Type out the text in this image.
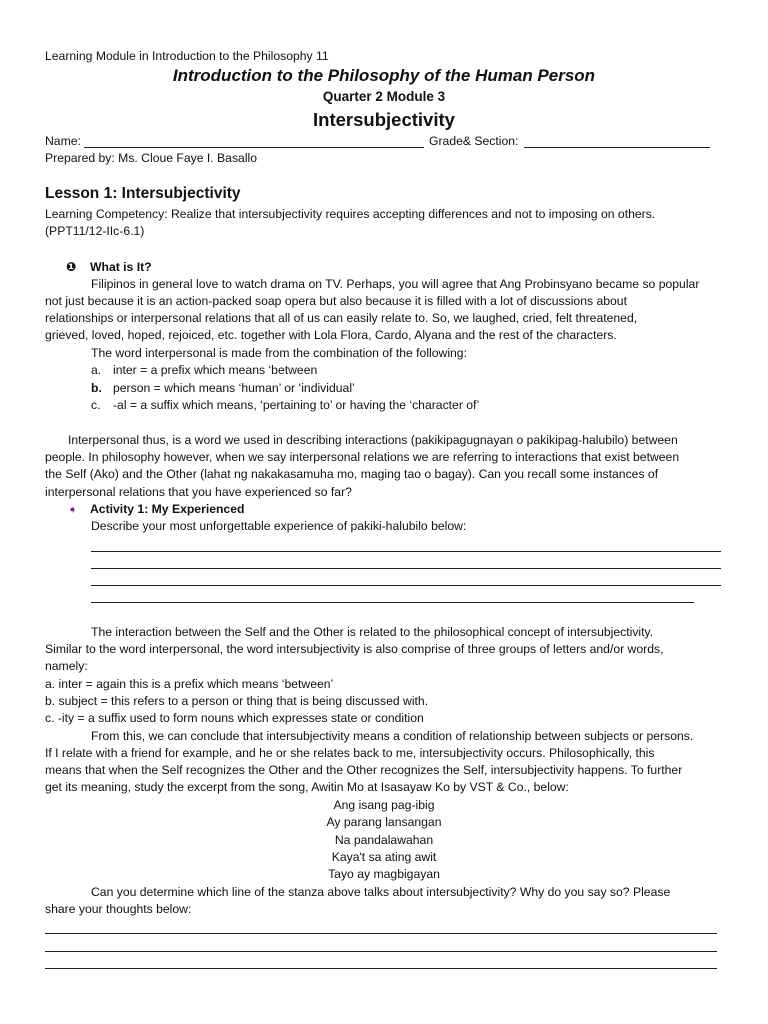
Learning Module in Introduction to the Philosophy 11
Introduction to the Philosophy of the Human Person
Quarter 2 Module 3
Intersubjectivity
Name:	Grade& Section:
Prepared by: Ms. Cloue Faye I. Basallo
Lesson 1: Intersubjectivity
Learning Competency: Realize that intersubjectivity requires accepting differences and not to imposing on others.
(PPT11/12-IIc-6.1)
❶ What is It?
Filipinos in general love to watch drama on TV. Perhaps, you will agree that Ang Probinsyano became so popular
not just because it is an action-packed soap opera but also because it is filled with a lot of discussions about
relationships or interpersonal relations that all of us can easily relate to. So, we laughed, cried, felt threatened,
grieved, loved, hoped, rejoiced, etc. together with Lola Flora, Cardo, Alyana and the rest of the characters.
The word interpersonal is made from the combination of the following:
a. inter = a prefix which means ‘between
b. person = which means ‘human’ or ‘individual’
c. -al = a suffix which means, ‘pertaining to’ or having the ‘character of’
Interpersonal thus, is a word we used in describing interactions (pakikipagugnayan o pakikipag-halubilo) between
people. In philosophy however, when we say interpersonal relations we are referring to interactions that exist between
the Self (Ako) and the Other (lahat ng nakakasamuha mo, maging tao o bagay). Can you recall some instances of
interpersonal relations that you have experienced so far?
➧ Activity 1: My Experienced
Describe your most unforgettable experience of pakiki-halubilo below:
The interaction between the Self and the Other is related to the philosophical concept of intersubjectivity.
Similar to the word interpersonal, the word intersubjectivity is also comprise of three groups of letters and/or words,
namely:
a. inter = again this is a prefix which means ‘between’
b. subject = this refers to a person or thing that is being discussed with.
c. -ity = a suffix used to form nouns which expresses state or condition
From this, we can conclude that intersubjectivity means a condition of relationship between subjects or persons.
If I relate with a friend for example, and he or she relates back to me, intersubjectivity occurs. Philosophically, this
means that when the Self recognizes the Other and the Other recognizes the Self, intersubjectivity happens. To further
get its meaning, study the excerpt from the song, Awitin Mo at Isasayaw Ko by VST & Co., below:
Ang isang pag-ibig
Ay parang lansangan
Na pandalawahan
Kaya't sa ating awit
Tayo ay magbigayan
Can you determine which line of the stanza above talks about intersubjectivity? Why do you say so? Please
share your thoughts below:
